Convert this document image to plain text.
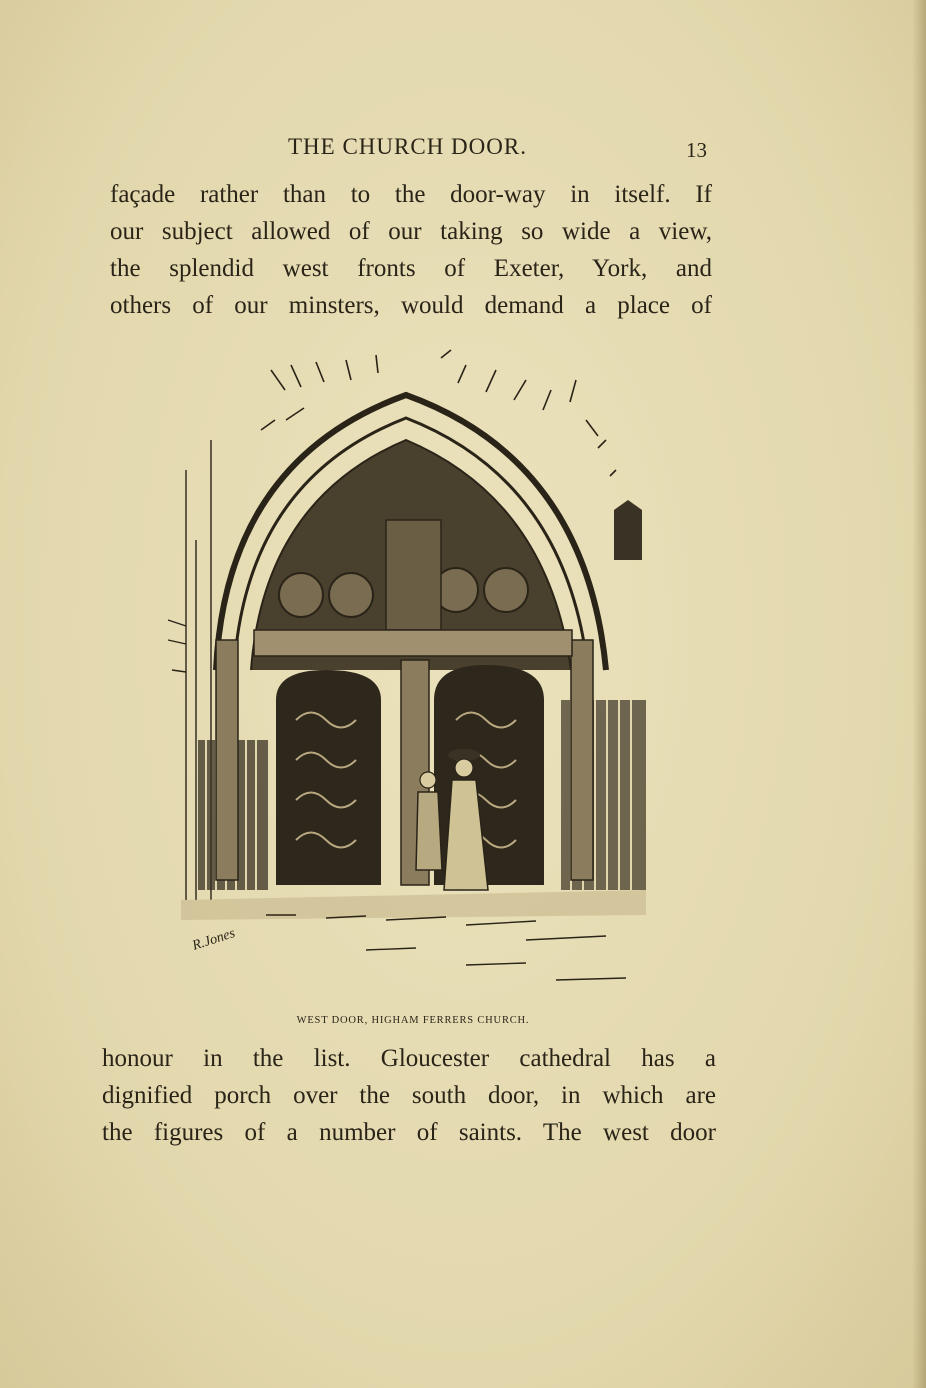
THE CHURCH DOOR.	13
façade rather than to the door-way in itself. If
our subject allowed of our taking so wide a view,
the splendid west fronts of Exeter, York, and
others of our minsters, would demand a place of
R.Jones
WEST DOOR, HIGHAM FERRERS CHURCH.
honour in the list. Gloucester cathedral has a
dignified porch over the south door, in which are
the figures of a number of saints. The west door
